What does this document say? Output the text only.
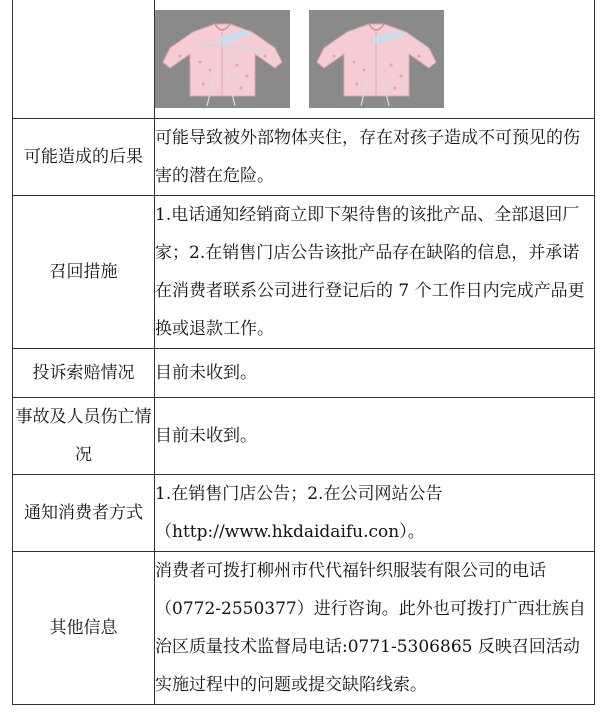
可能造成的后果	可能导致被外部物体夹住，存在对孩子造成不可预见的伤害的潜在危险。
召回措施	1.电话通知经销商立即下架待售的该批产品、全部退回厂家；2.在销售门店公告该批产品存在缺陷的信息，并承诺在消费者联系公司进行登记后的 7 个工作日内完成产品更换或退款工作。
投诉索赔情况	目前未收到。
事故及人员伤亡情况	目前未收到。
通知消费者方式	1.在销售门店公告；2.在公司网站公告（http://www.hkdaidaifu.con）。
其他信息	消费者可拨打柳州市代代福针织服装有限公司的电话（0772-2550377）进行咨询。此外也可拨打广西壮族自治区质量技术监督局电话:0771-5306865 反映召回活动实施过程中的问题或提交缺陷线索。
